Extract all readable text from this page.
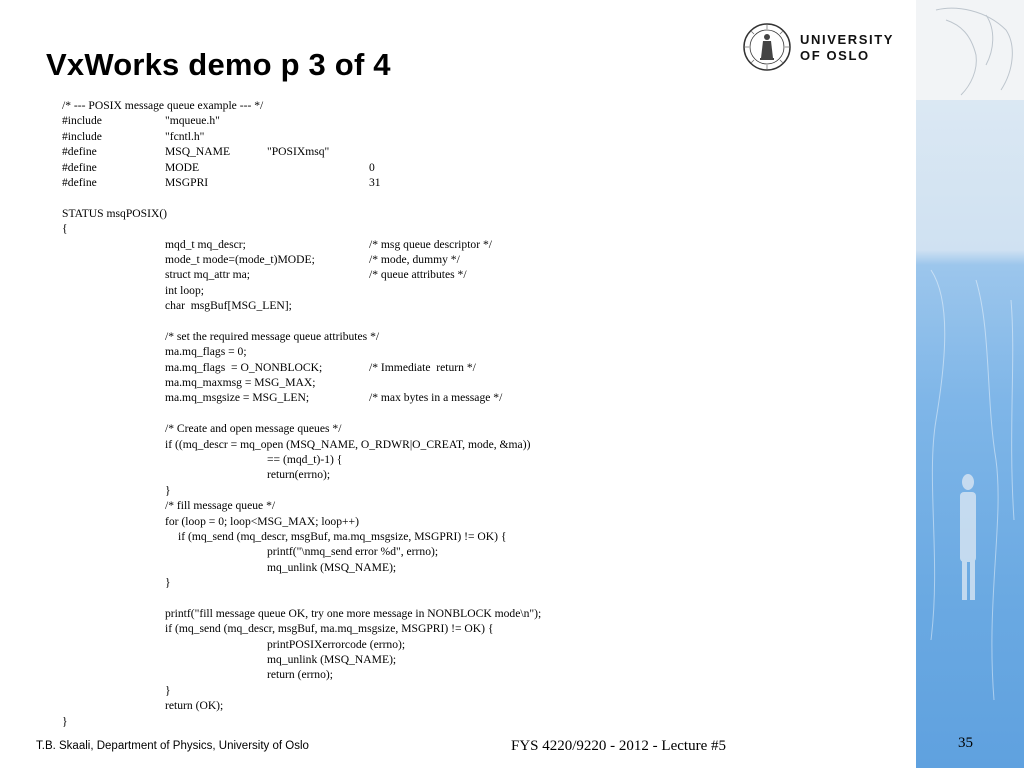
VxWorks demo p 3 of 4
UNIVERSITY
OF OSLO
/* --- POSIX message queue example --- */
#include	"mqueue.h"
#include	"fcntl.h"
#define	MSQ_NAME	"POSIXmsq"
#define	MODE	0
#define	MSGPRI	31
STATUS msqPOSIX()
{
mqd_t mq_descr;	/* msg queue descriptor */
mode_t mode=(mode_t)MODE;	/* mode, dummy */
struct mq_attr ma;	/* queue attributes */
int loop;
char  msgBuf[MSG_LEN];
/* set the required message queue attributes */
ma.mq_flags = 0;
ma.mq_flags  = O_NONBLOCK;	/* Immediate  return */
ma.mq_maxmsg = MSG_MAX;
ma.mq_msgsize = MSG_LEN;	/* max bytes in a message */
/* Create and open message queues */
if ((mq_descr = mq_open (MSQ_NAME, O_RDWR|O_CREAT, mode, &ma))
== (mqd_t)-1) {
return(errno);
}
/* fill message queue */
for (loop = 0; loop<MSG_MAX; loop++)
if (mq_send (mq_descr, msgBuf, ma.mq_msgsize, MSGPRI) != OK) {
printf("\nmq_send error %d", errno);
mq_unlink (MSQ_NAME);
}
printf("fill message queue OK, try one more message in NONBLOCK mode\n");
if (mq_send (mq_descr, msgBuf, ma.mq_msgsize, MSGPRI) != OK) {
printPOSIXerrorcode (errno);
mq_unlink (MSQ_NAME);
return (errno);
}
return (OK);
}
T.B. Skaali, Department of Physics, University of Oslo	FYS 4220/9220 - 2012 - Lecture #5	35
